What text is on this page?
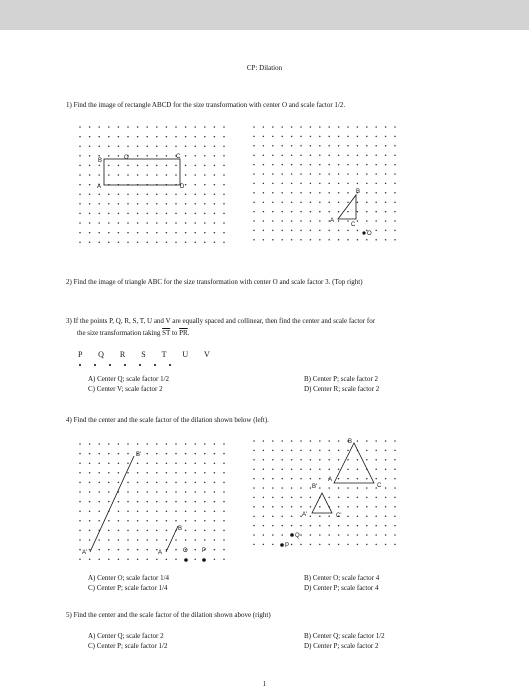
CP: Dilation
1) Find the image of rectangle ABCD for the size transformation with center O and scale factor 1/2.
B	O	C
A	D
B
A
C
O
2) Find the image of triangle ABC for the size transformation with center O and scale factor 3. (Top right)
3) If the points P, Q, R, S, T, U and V are equally spaced and collinear, then find the center and scale factor for
the size transformation taking $\overline{ST}$ to $\overline{PR}$.
P Q R S T U V
A) Center Q; scale factor 1/2	B) Center P; scale factor 2
C) Center V; scale factor 2	D) Center R; scale factor 2
4) Find the center and the scale factor of the dilation shown below (left).
B'
A'	A
B
O P
B
A
C
B'
A'	C'
Q
P
A) Center O; scale factor 1/4	B) Center O; scale factor 4
C) Center P; scale factor 1/4	D) Center P; scale factor 4
5) Find the center and the scale factor of the dilation shown above (right)
A) Center Q; scale factor 2	B) Center Q; scale factor 1/2
C) Center P; scale factor 1/2	D) Center P; scale factor 2
1
